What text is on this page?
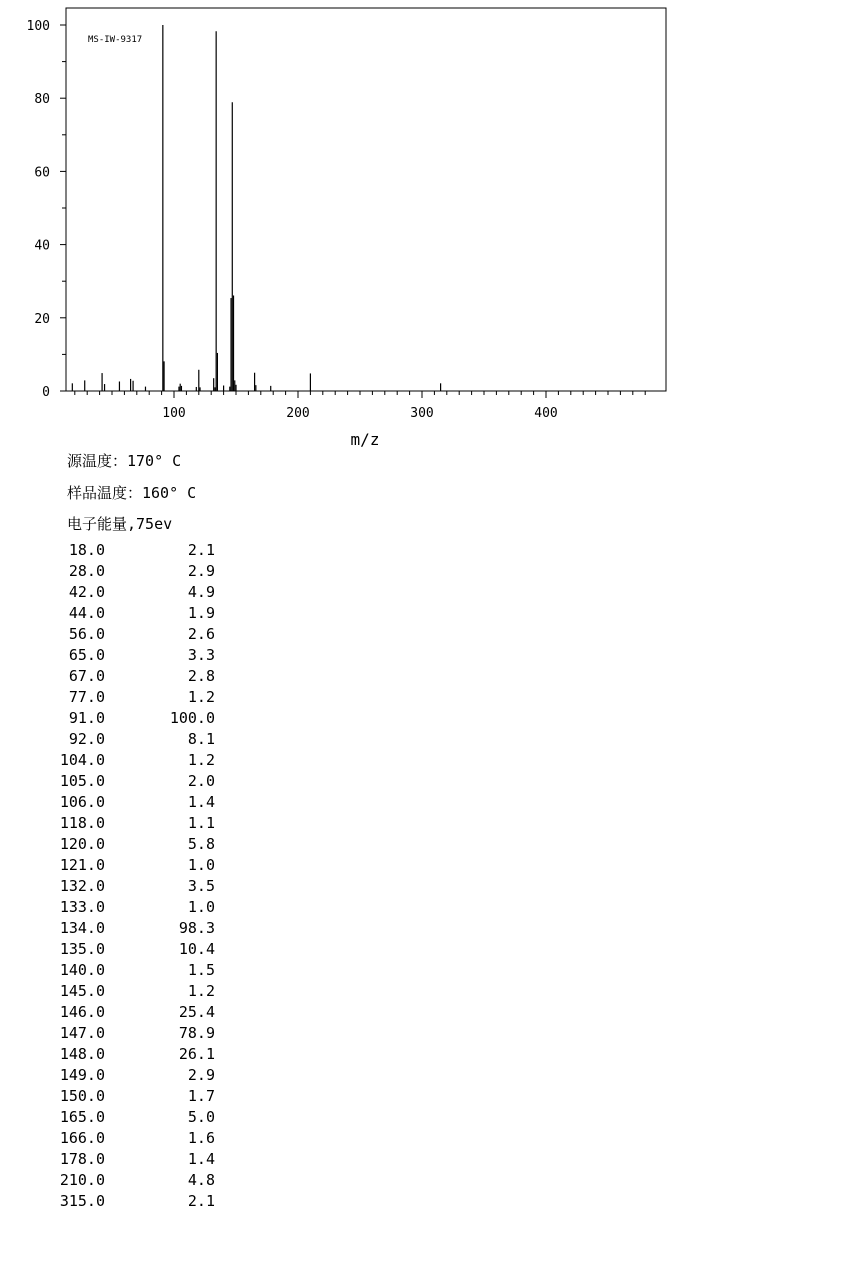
0
20
40
60
80
100
100	200	300	400
MS-IW-9317
m/z
源温度：170° C
样品温度：160° C
电子能量,75ev
18.0	2.1
28.0	2.9
42.0	4.9
44.0	1.9
56.0	2.6
65.0	3.3
67.0	2.8
77.0	1.2
91.0	100.0
92.0	8.1
104.0	1.2
105.0	2.0
106.0	1.4
118.0	1.1
120.0	5.8
121.0	1.0
132.0	3.5
133.0	1.0
134.0	98.3
135.0	10.4
140.0	1.5
145.0	1.2
146.0	25.4
147.0	78.9
148.0	26.1
149.0	2.9
150.0	1.7
165.0	5.0
166.0	1.6
178.0	1.4
210.0	4.8
315.0	2.1
